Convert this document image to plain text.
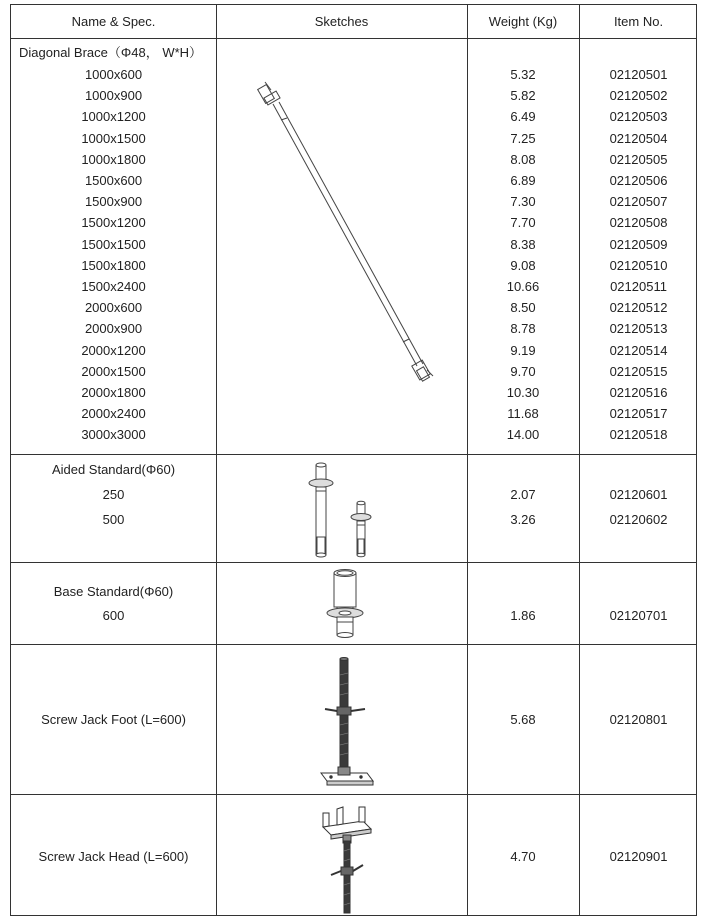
Name & Spec.	Sketches	Weight (Kg)	Item No.
Diagonal Brace（Φ48， W*H）
1000x600	5.32	02120501
1000x900	5.82	02120502
1000x1200	6.49	02120503
1000x1500	7.25	02120504
1000x1800	8.08	02120505
1500x600	6.89	02120506
1500x900	7.30	02120507
1500x1200	7.70	02120508
1500x1500	8.38	02120509
1500x1800	9.08	02120510
1500x2400	10.66	02120511
2000x600	8.50	02120512
2000x900	8.78	02120513
2000x1200	9.19	02120514
2000x1500	9.70	02120515
2000x1800	10.30	02120516
2000x2400	11.68	02120517
3000x3000	14.00	02120518
Aided Standard(Φ60)
250	2.07	02120601
500	3.26	02120602
Base Standard(Φ60)
600	1.86	02120701
Screw Jack Foot (L=600)	5.68	02120801
Screw Jack Head (L=600)	4.70	02120901
